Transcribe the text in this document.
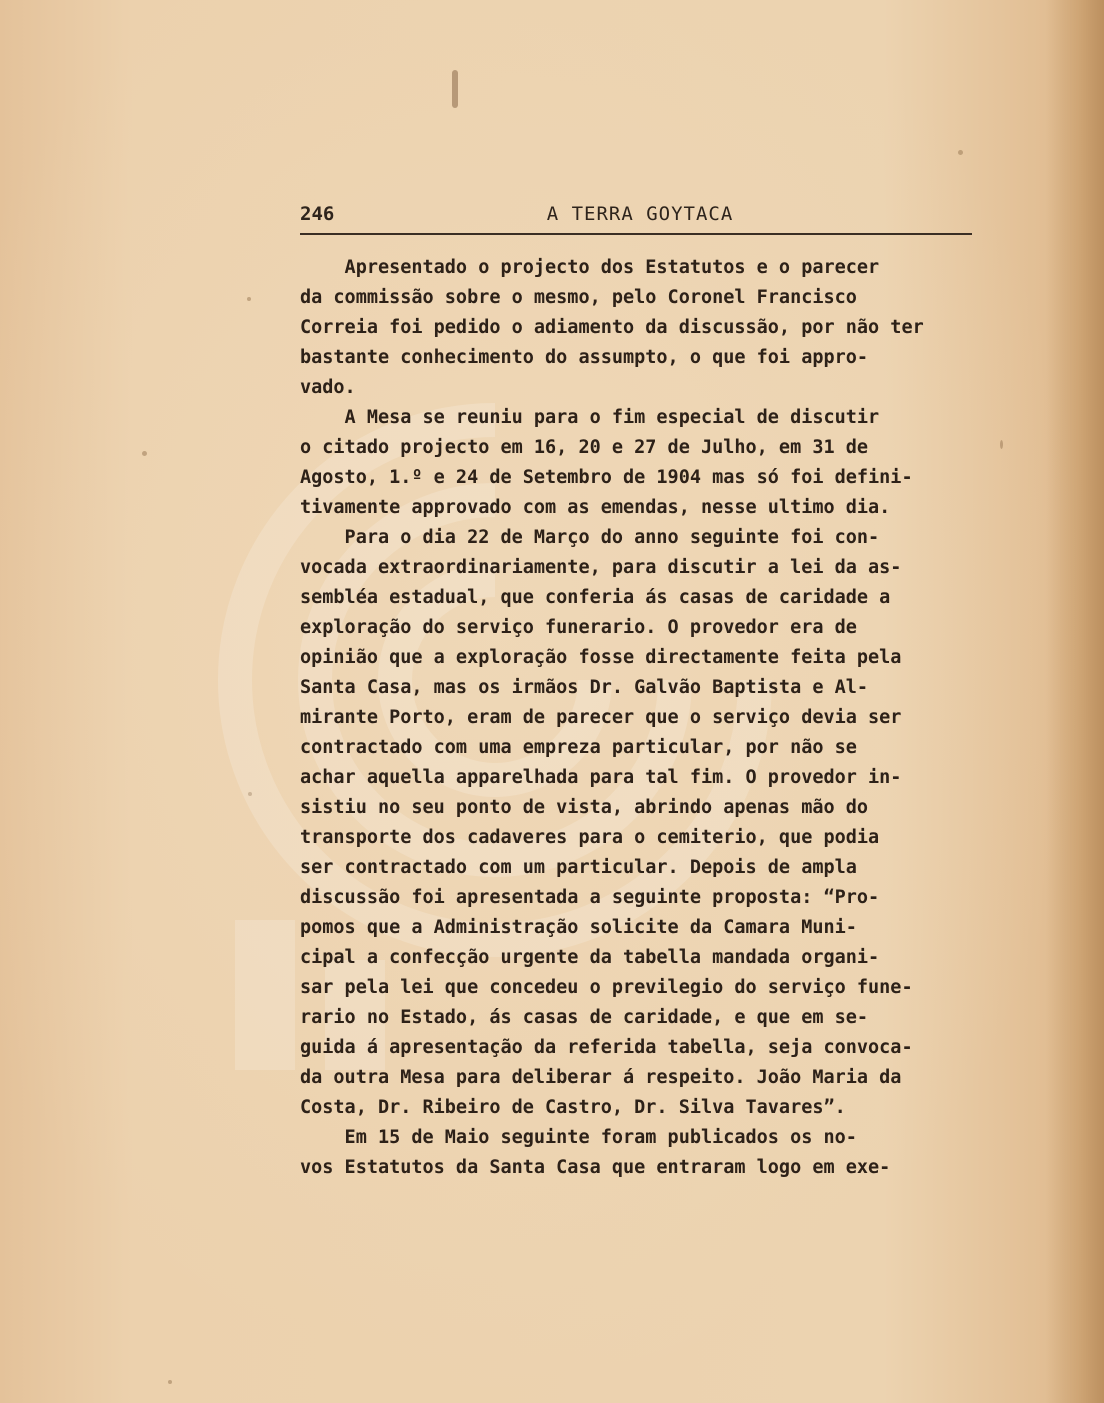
246	A TERRA GOYTACA
Apresentado o projecto dos Estatutos e o parecer
da commissão sobre o mesmo, pelo Coronel Francisco
Correia foi pedido o adiamento da discussão, por não ter
bastante conhecimento do assumpto, o que foi appro-
vado.
A Mesa se reuniu para o fim especial de discutir
o citado projecto em 16, 20 e 27 de Julho, em 31 de
Agosto, 1.º e 24 de Setembro de 1904 mas só foi defini-
tivamente approvado com as emendas, nesse ultimo dia.
Para o dia 22 de Março do anno seguinte foi con-
vocada extraordinariamente, para discutir a lei da as-
sembléa estadual, que conferia ás casas de caridade a
exploração do serviço funerario. O provedor era de
opinião que a exploração fosse directamente feita pela
Santa Casa, mas os irmãos Dr. Galvão Baptista e Al-
mirante Porto, eram de parecer que o serviço devia ser
contractado com uma empreza particular, por não se
achar aquella apparelhada para tal fim. O provedor in-
sistiu no seu ponto de vista, abrindo apenas mão do
transporte dos cadaveres para o cemiterio, que podia
ser contractado com um particular. Depois de ampla
discussão foi apresentada a seguinte proposta: “Pro-
pomos que a Administração solicite da Camara Muni-
cipal a confecção urgente da tabella mandada organi-
sar pela lei que concedeu o previlegio do serviço fune-
rario no Estado, ás casas de caridade, e que em se-
guida á apresentação da referida tabella, seja convoca-
da outra Mesa para deliberar á respeito. João Maria da
Costa, Dr. Ribeiro de Castro, Dr. Silva Tavares”.
Em 15 de Maio seguinte foram publicados os no-
vos Estatutos da Santa Casa que entraram logo em exe-
